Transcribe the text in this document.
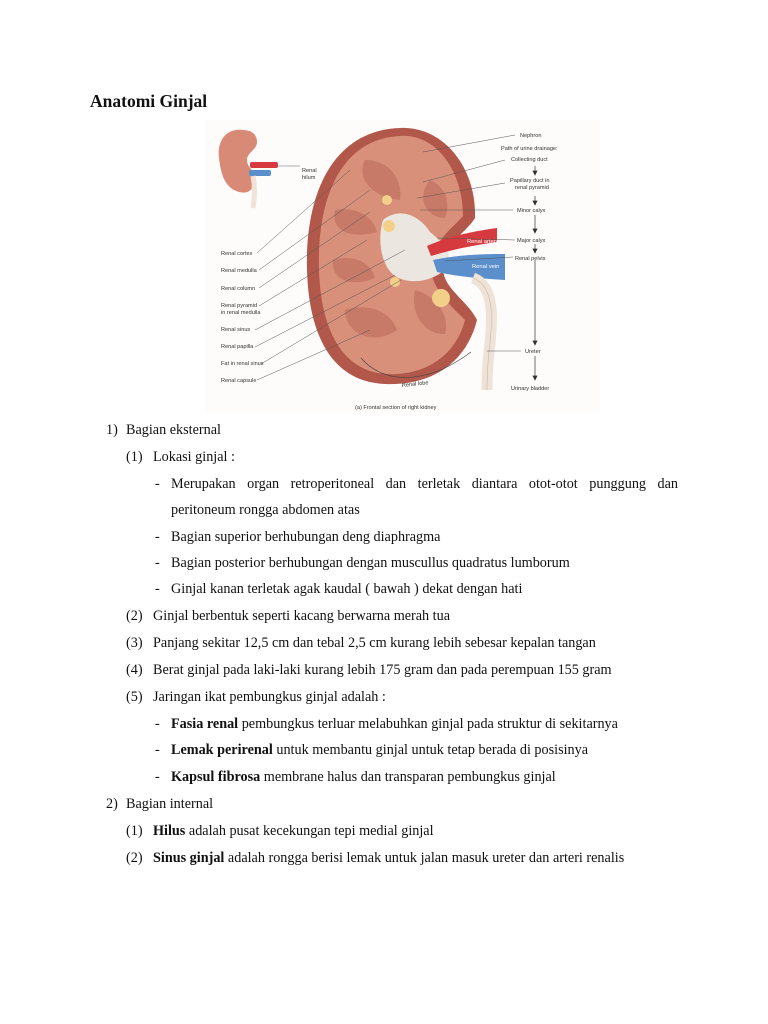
Anatomi Ginjal
Renal
hilum
Renal artery
Renal vein
Renal lobe
Renal cortex
Renal medulla
Renal column
Renal pyramid
in renal medulla
Renal sinus
Renal papilla
Fat in renal sinus
Renal capsule
Nephron
Path of urine drainage:
Collecting duct
Papillary duct in
renal pyramid
Minor calyx
Major calyx
Renal pelvis
Ureter
Urinary bladder
(a) Frontal section of right kidney
1) Bagian eksternal
(1) Lokasi ginjal :
- Merupakan organ retroperitoneal dan terletak diantara otot-otot punggung dan
peritoneum rongga abdomen atas
- Bagian superior berhubungan deng diaphragma
- Bagian posterior berhubungan dengan muscullus quadratus lumborum
- Ginjal kanan terletak agak kaudal ( bawah ) dekat dengan hati
(2) Ginjal berbentuk seperti kacang berwarna merah tua
(3) Panjang sekitar 12,5 cm dan tebal 2,5 cm kurang lebih sebesar kepalan tangan
(4) Berat ginjal pada laki-laki kurang lebih 175 gram dan pada perempuan 155 gram
(5) Jaringan ikat pembungkus ginjal adalah :
- Fasia renal pembungkus terluar melabuhkan ginjal pada struktur di sekitarnya
- Lemak perirenal untuk membantu ginjal untuk tetap berada di posisinya
- Kapsul fibrosa membrane halus dan transparan pembungkus ginjal
2) Bagian internal
(1) Hilus adalah pusat kecekungan tepi medial ginjal
(2) Sinus ginjal adalah rongga berisi lemak untuk jalan masuk ureter dan arteri renalis
